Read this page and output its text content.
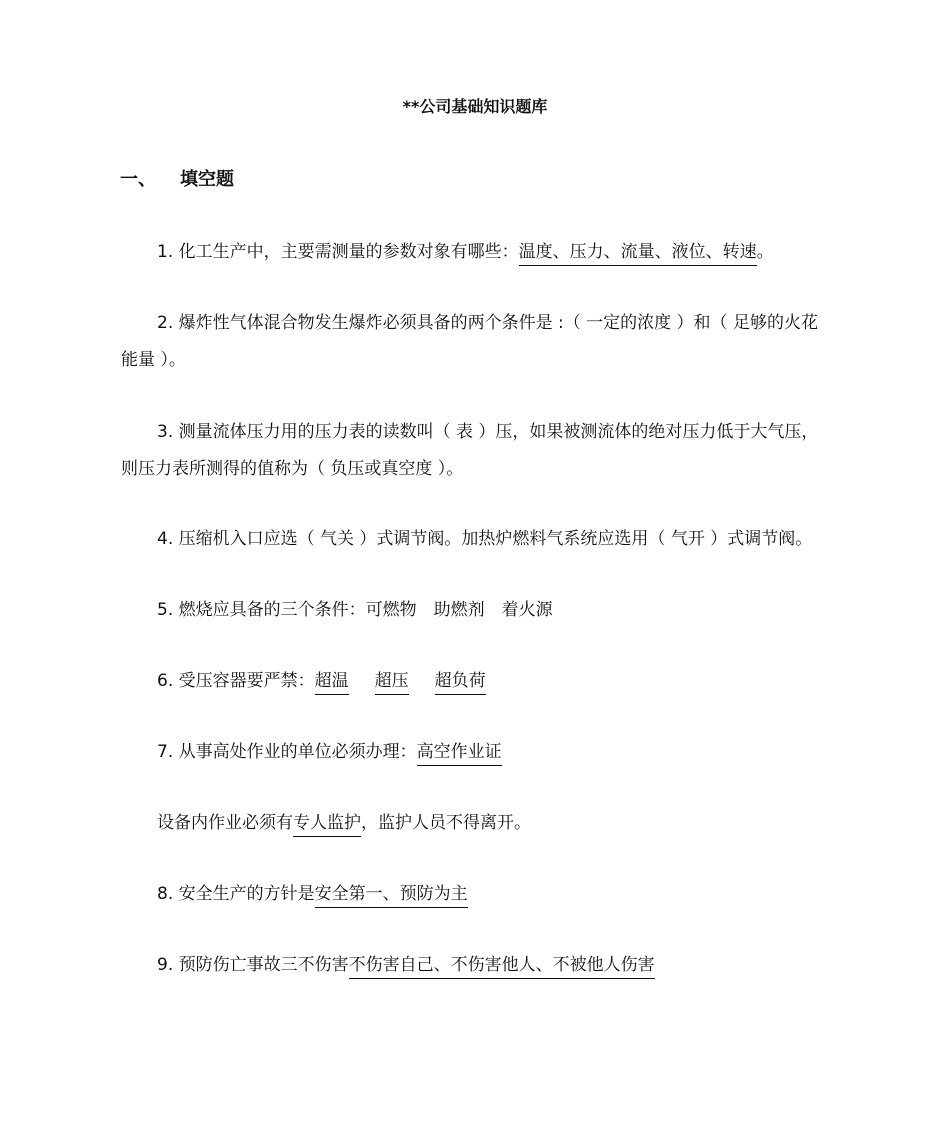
**公司基础知识题库
一、 填空题
1. 化工生产中，主要需测量的参数对象有哪些：温度、压力、流量、液位、转速。
2. 爆炸性气体混合物发生爆炸必须具备的两个条件是 :（ 一定的浓度 ）和（ 足够的火花
能量 ）。
3. 测量流体压力用的压力表的读数叫（ 表 ）压，如果被测流体的绝对压力低于大气压，
则压力表所测得的值称为（ 负压或真空度 ）。
4. 压缩机入口应选（ 气关 ）式调节阀。加热炉燃料气系统应选用（ 气开 ）式调节阀。
5. 燃烧应具备的三个条件：可燃物　助燃剂　着火源
6. 受压容器要严禁：超温 超压 超负荷
7. 从事高处作业的单位必须办理：高空作业证
设备内作业必须有专人监护，监护人员不得离开。
8. 安全生产的方针是安全第一、预防为主
9. 预防伤亡事故三不伤害不伤害自己、不伤害他人、不被他人伤害
